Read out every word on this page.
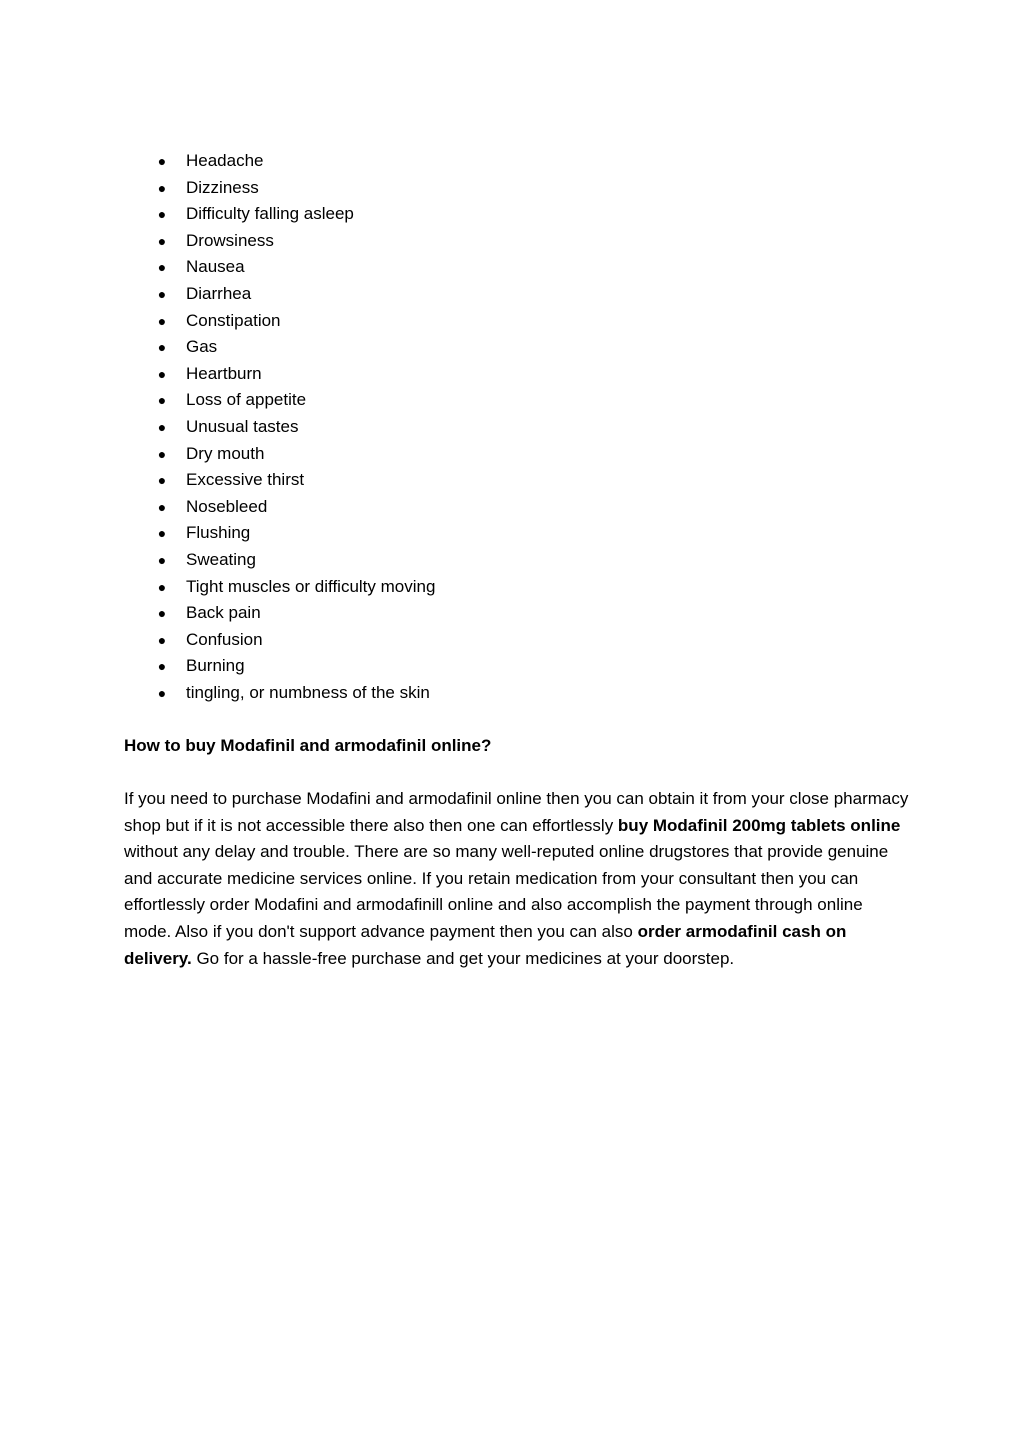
● Headache
● Dizziness
● Difficulty falling asleep
● Drowsiness
● Nausea
● Diarrhea
● Constipation
● Gas
● Heartburn
● Loss of appetite
● Unusual tastes
● Dry mouth
● Excessive thirst
● Nosebleed
● Flushing
● Sweating
● Tight muscles or difficulty moving
● Back pain
● Confusion
● Burning
● tingling, or numbness of the skin
How to buy Modafinil and armodafinil online?

If you need to purchase Modafini and armodafinil online then you can obtain it from your close pharmacy shop but if it is not accessible there also then one can effortlessly buy Modafinil 200mg tablets online without any delay and trouble. There are so many well-reputed online drugstores that provide genuine and accurate medicine services online. If you retain medication from your consultant then you can effortlessly order Modafini and armodafinill online and also accomplish the payment through online mode. Also if you don't support advance payment then you can also order armodafinil cash on delivery. Go for a hassle-free purchase and get your medicines at your doorstep.
